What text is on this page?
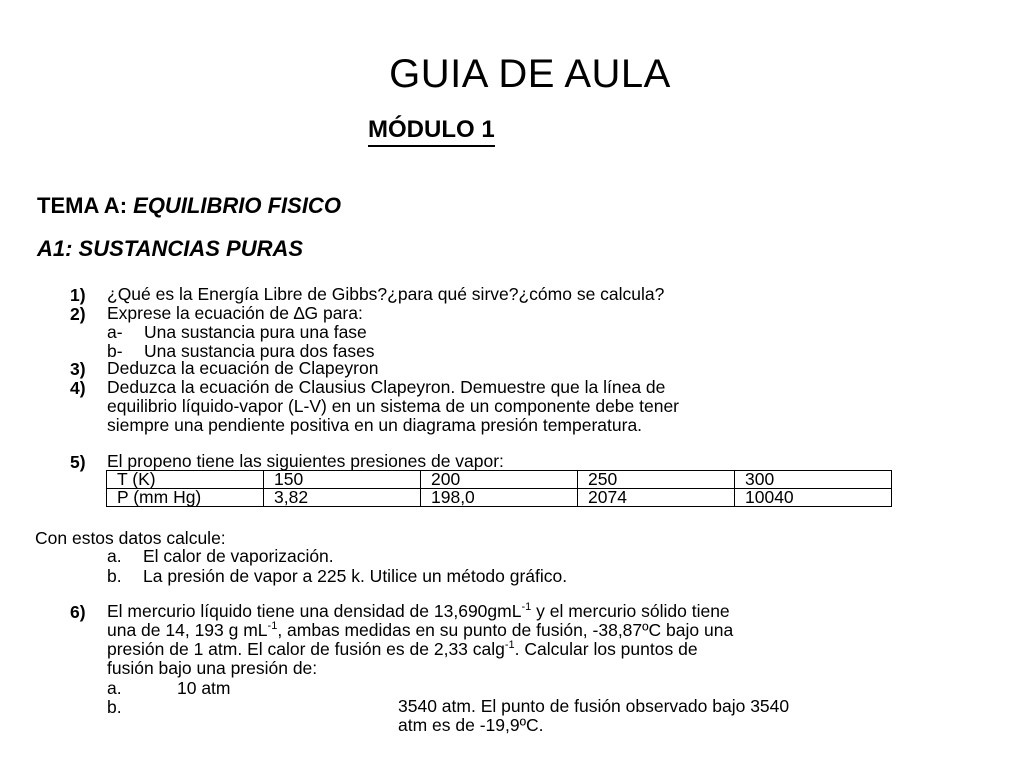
GUIA DE AULA
MÓDULO 1
TEMA A: EQUILIBRIO FISICO
A1: SUSTANCIAS PURAS
1) ¿Qué es la Energía Libre de Gibbs?¿para qué sirve?¿cómo se calcula?
2) Exprese la ecuación de ∆G para:
a- Una sustancia pura una fase
b- Una sustancia pura dos fases
3) Deduzca la ecuación de Clapeyron
4) Deduzca la ecuación de Clausius Clapeyron. Demuestre que la línea de
equilibrio líquido-vapor (L-V) en un sistema de un componente debe tener
siempre una pendiente positiva en un diagrama presión temperatura.
5) El propeno tiene las siguientes presiones de vapor:
T (K)	150	200	250	300
P (mm Hg)	3,82	198,0	2074	10040
Con estos datos calcule:
a. El calor de vaporización.
b. La presión de vapor a 225 k. Utilice un método gráfico.
6) El mercurio líquido tiene una densidad de 13,690gmL$^{-1}$ y el mercurio sólido tiene
una de 14, 193 g $mL^{-1}$, ambas medidas en su punto de fusión, -38,87ºC bajo una
presión de 1 atm. El calor de fusión es de 2,33 calg$^{-1}$. Calcular los puntos de
fusión bajo una presión de:
a.	10 atm
b.	3540 atm. El punto de fusión observado bajo 3540
atm es de -19,9ºC.
